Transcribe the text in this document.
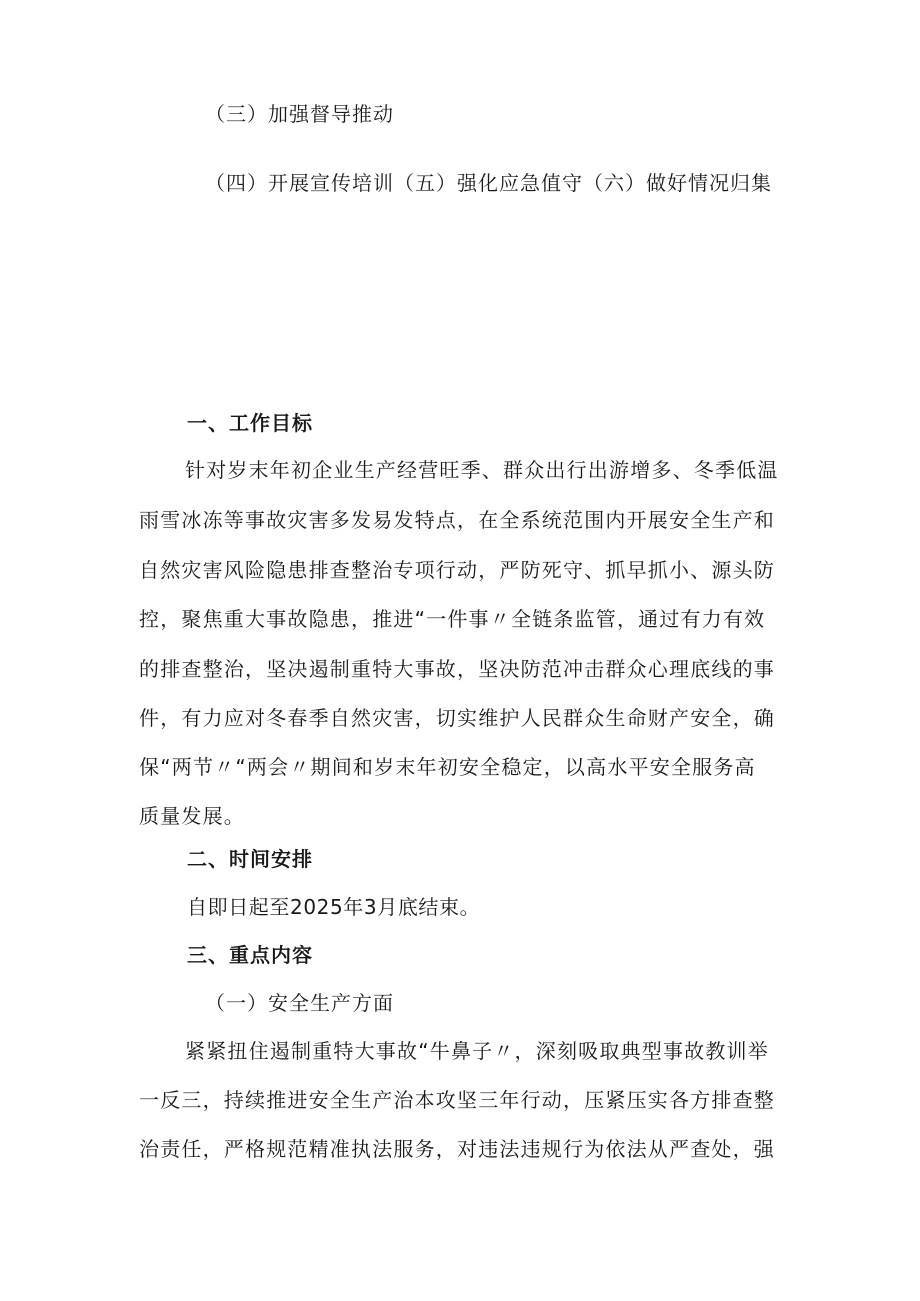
（三）加强督导推动
（四）开展宣传培训（五）强化应急值守（六）做好情况归集
一、工作目标
针对岁末年初企业生产经营旺季、群众出行出游增多、冬季低温
雨雪冰冻等事故灾害多发易发特点，在全系统范围内开展安全生产和
自然灾害风险隐患排查整治专项行动，严防死守、抓早抓小、源头防
控，聚焦重大事故隐患，推进“一件事〃全链条监管，通过有力有效
的排查整治，坚决遏制重特大事故，坚决防范冲击群众心理底线的事
件，有力应对冬春季自然灾害，切实维护人民群众生命财产安全，确
保“两节〃“两会〃期间和岁末年初安全稳定，以高水平安全服务高
质量发展。
二、时间安排
自即日起至2025年3月底结束。
三、重点内容
（一）安全生产方面
紧紧扭住遏制重特大事故“牛鼻子〃，深刻吸取典型事故教训举
一反三，持续推进安全生产治本攻坚三年行动，压紧压实各方排查整
治责任，严格规范精准执法服务，对违法违规行为依法从严查处，强
